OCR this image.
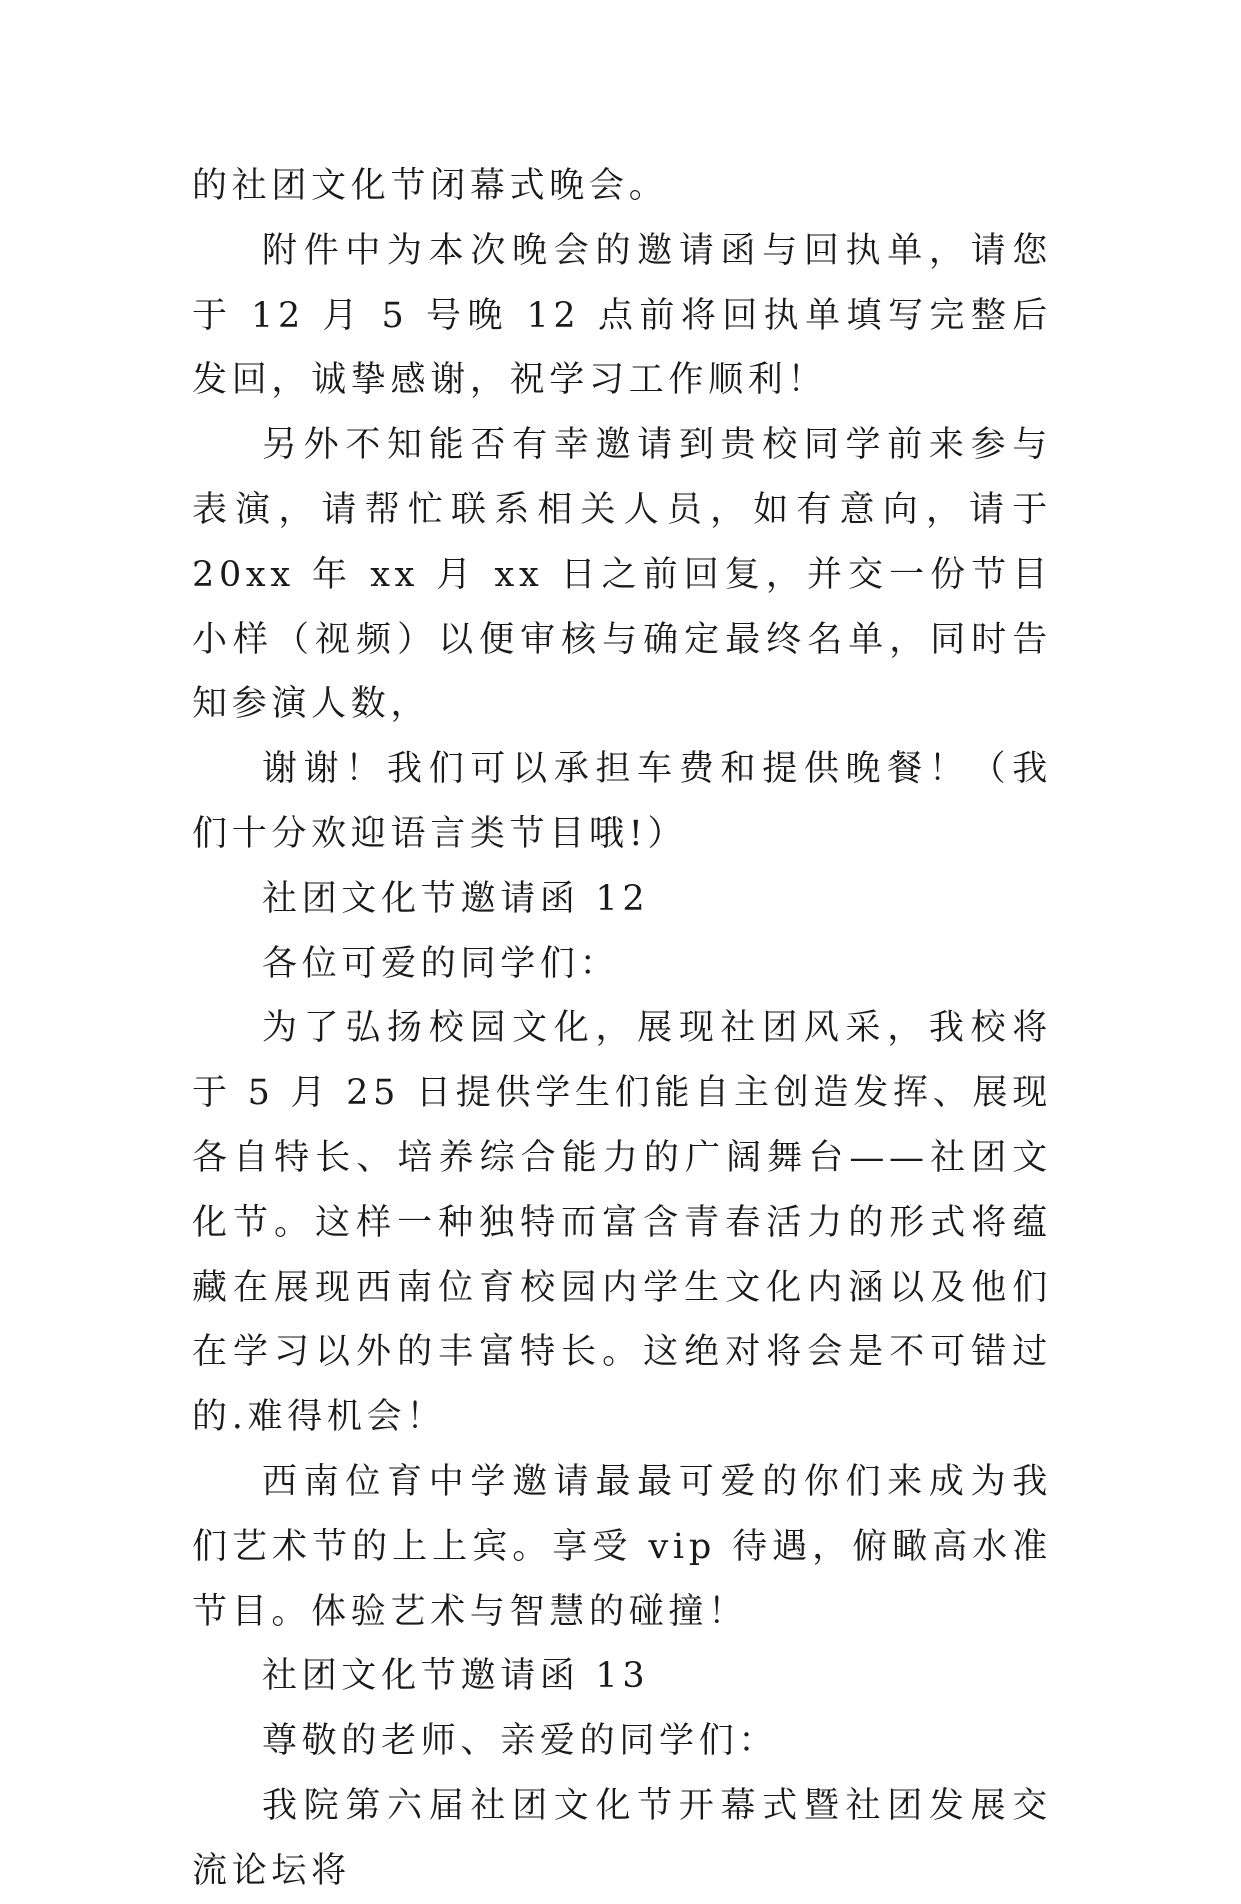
的社团文化节闭幕式晚会。

附件中为本次晚会的邀请函与回执单，请您于 12 月 5 号晚 12 点前将回执单填写完整后发回，诚挚感谢，祝学习工作顺利！

另外不知能否有幸邀请到贵校同学前来参与表演，请帮忙联系相关人员，如有意向，请于 20xx 年 xx 月 xx 日之前回复，并交一份节目小样（视频）以便审核与确定最终名单，同时告知参演人数，

谢谢！我们可以承担车费和提供晚餐！（我们十分欢迎语言类节目哦!）

社团文化节邀请函 12

各位可爱的同学们：

为了弘扬校园文化，展现社团风采，我校将于 5 月 25 日提供学生们能自主创造发挥、展现各自特长、培养综合能力的广阔舞台——社团文化节。这样一种独特而富含青春活力的形式将蕴藏在展现西南位育校园内学生文化内涵以及他们在学习以外的丰富特长。这绝对将会是不可错过的.难得机会！

西南位育中学邀请最最可爱的你们来成为我们艺术节的上上宾。享受 vip 待遇，俯瞰高水准节目。体验艺术与智慧的碰撞！

社团文化节邀请函 13

尊敬的老师、亲爱的同学们：

我院第六届社团文化节开幕式暨社团发展交流论坛将
